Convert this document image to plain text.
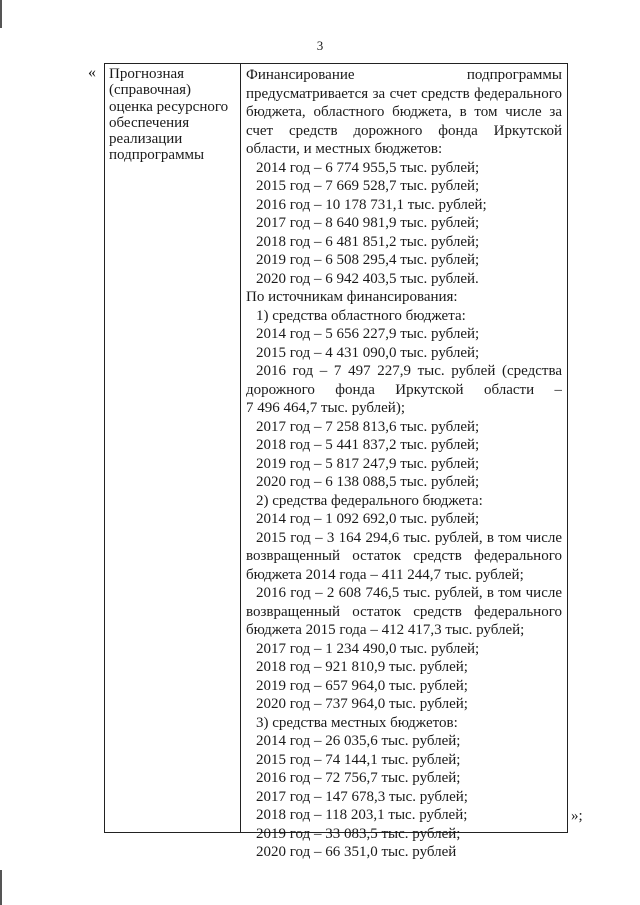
3
« Прогнозная
(справочная)
оценка ресурсного
обеспечения
реализации
подпрограммы
Финансирование подпрограммы
предусматривается за счет средств федерального
бюджета, областного бюджета, в том числе за
счет средств дорожного фонда Иркутской
области, и местных бюджетов:
2014 год – 6 774 955,5 тыс. рублей;
2015 год – 7 669 528,7 тыс. рублей;
2016 год – 10 178 731,1 тыс. рублей;
2017 год – 8 640 981,9 тыс. рублей;
2018 год – 6 481 851,2 тыс. рублей;
2019 год – 6 508 295,4 тыс. рублей;
2020 год – 6 942 403,5 тыс. рублей.
По источникам финансирования:
1) средства областного бюджета:
2014 год – 5 656 227,9 тыс. рублей;
2015 год – 4 431 090,0 тыс. рублей;
2016 год – 7 497 227,9 тыс. рублей (средства
дорожного фонда Иркутской области –
7 496 464,7 тыс. рублей);
2017 год – 7 258 813,6 тыс. рублей;
2018 год – 5 441 837,2 тыс. рублей;
2019 год – 5 817 247,9 тыс. рублей;
2020 год – 6 138 088,5 тыс. рублей;
2) средства федерального бюджета:
2014 год – 1 092 692,0 тыс. рублей;
2015 год – 3 164 294,6 тыс. рублей, в том числе
возвращенный остаток средств федерального
бюджета 2014 года – 411 244,7 тыс. рублей;
2016 год – 2 608 746,5 тыс. рублей, в том числе
возвращенный остаток средств федерального
бюджета 2015 года – 412 417,3 тыс. рублей;
2017 год – 1 234 490,0 тыс. рублей;
2018 год – 921 810,9 тыс. рублей;
2019 год – 657 964,0 тыс. рублей;
2020 год – 737 964,0 тыс. рублей;
3) средства местных бюджетов:
2014 год – 26 035,6 тыс. рублей;
2015 год – 74 144,1 тыс. рублей;
2016 год – 72 756,7 тыс. рублей;
2017 год – 147 678,3 тыс. рублей;
2018 год – 118 203,1 тыс. рублей;
2019 год – 33 083,5 тыс. рублей;
2020 год – 66 351,0 тыс. рублей
»;
